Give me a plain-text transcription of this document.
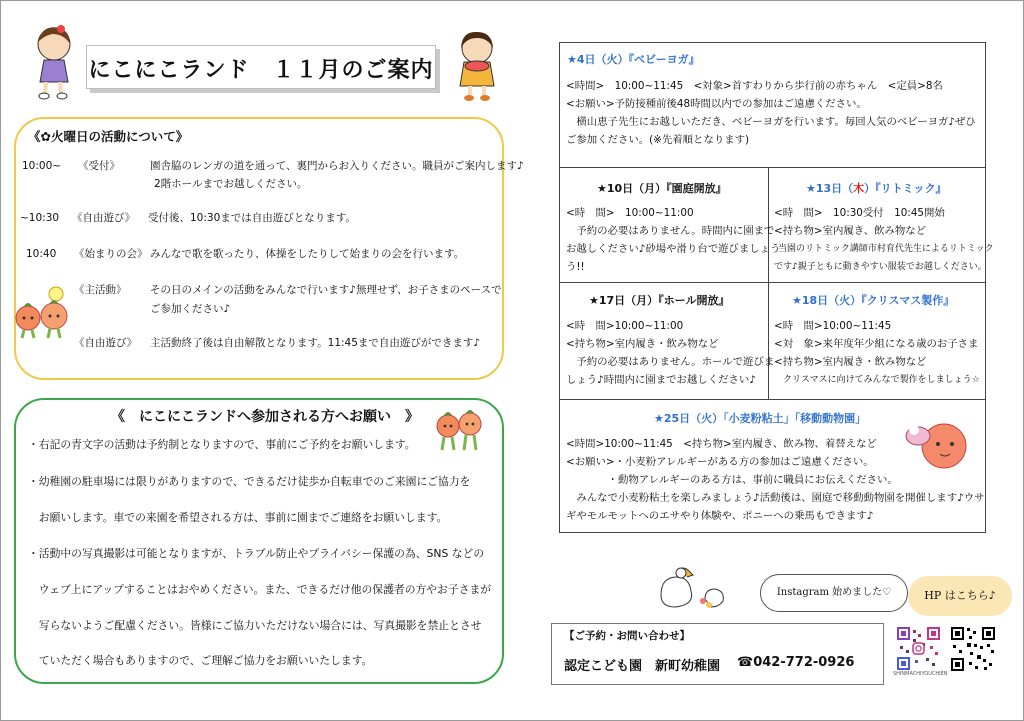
にこにこランド　１１月のご案内
《✿火曜日の活動について》
10:00~ 《受付》	園舎脇のレンガの道を通って、裏門からお入りください。職員がご案内します♪
2階ホールまでお越しください。
~10:30 《自由遊び》 受付後、10:30までは自由遊びとなります。
10:40 《始まりの会》 みんなで歌を歌ったり、体操をしたりして始まりの会を行います。
《主活動》 その日のメインの活動をみんなで行います♪無理せず、お子さまのペースで
ご参加ください♪
《自由遊び》 主活動終了後は自由解散となります。11:45まで自由遊びができます♪
《　にこにこランドへ参加される方へお願い　》
・右記の青文字の活動は予約制となりますので、事前にご予約をお願いします。
・幼稚園の駐車場には限りがありますので、できるだけ徒歩か自転車でのご来園にご協力を
　お願いします。車での来園を希望される方は、事前に園までご連絡をお願いします。
・活動中の写真撮影は可能となりますが、トラブル防止やプライバシー保護の為、SNS などの
　ウェブ上にアップすることはおやめください。また、できるだけ他の保護者の方やお子さまが
　写らないようご配慮ください。皆様にご協力いただけない場合には、写真撮影を禁止とさせ
　ていただく場合もありますので、ご理解ご協力をお願いいたします。
★4日（火）『ベビーヨガ』
<時間>　10:00~11:45　<対象>首すわりから歩行前の赤ちゃん　<定員>8名
<お願い>予防接種前後48時間以内での参加はご遠慮ください。
　横山恵子先生にお越しいただき、ベビーヨガを行います。毎回人気のベビーヨガ♪ぜひ
ご参加ください。(※先着順となります)
★10日（月）『園庭開放』
<時　間>　10:00~11:00
　予約の必要はありません。時間内に園まで
お越しください♪砂場や滑り台で遊びましょう
う!!
★13日（木）『リトミック』
<時　間>　10:30受付　10:45開始
<持ち物>室内履き、飲み物など
当園のリトミック講師市村育代先生によるリトミック
です♪親子ともに動きやすい服装でお越しください。
★17日（月）『ホール開放』
<時　間>10:00~11:00
<持ち物>室内履き・飲み物など
　予約の必要はありません。ホールで遊びま
しょう♪時間内に園までお越しください♪
★18日（火）『クリスマス製作』
<時　間>10:00~11:45
<対　象>来年度年少組になる歳のお子さま
<持ち物>室内履き・飲み物など
　クリスマスに向けてみんなで製作をしましょう☆
★25日（火）「小麦粉粘土」「移動動物園」
<時間>10:00~11:45　<持ち物>室内履き、飲み物、着替えなど
<お願い>・小麦粉アレルギーがある方の参加はご遠慮ください。
　　　　・動物アレルギーのある方は、事前に職員にお伝えください。
　みんなで小麦粉粘土を楽しみましょう♪活動後は、園庭で移動動物園を開催します♪ウサ
ギやモルモットへのエサやり体験や、ポニーへの乗馬もできます♪
Instagram 始めました♡	HP はこちら♪
【ご予約・お問い合わせ】
認定こども園　新町幼稚園 ☎042-772-0926
SHINMACHIYOUCHIEN
